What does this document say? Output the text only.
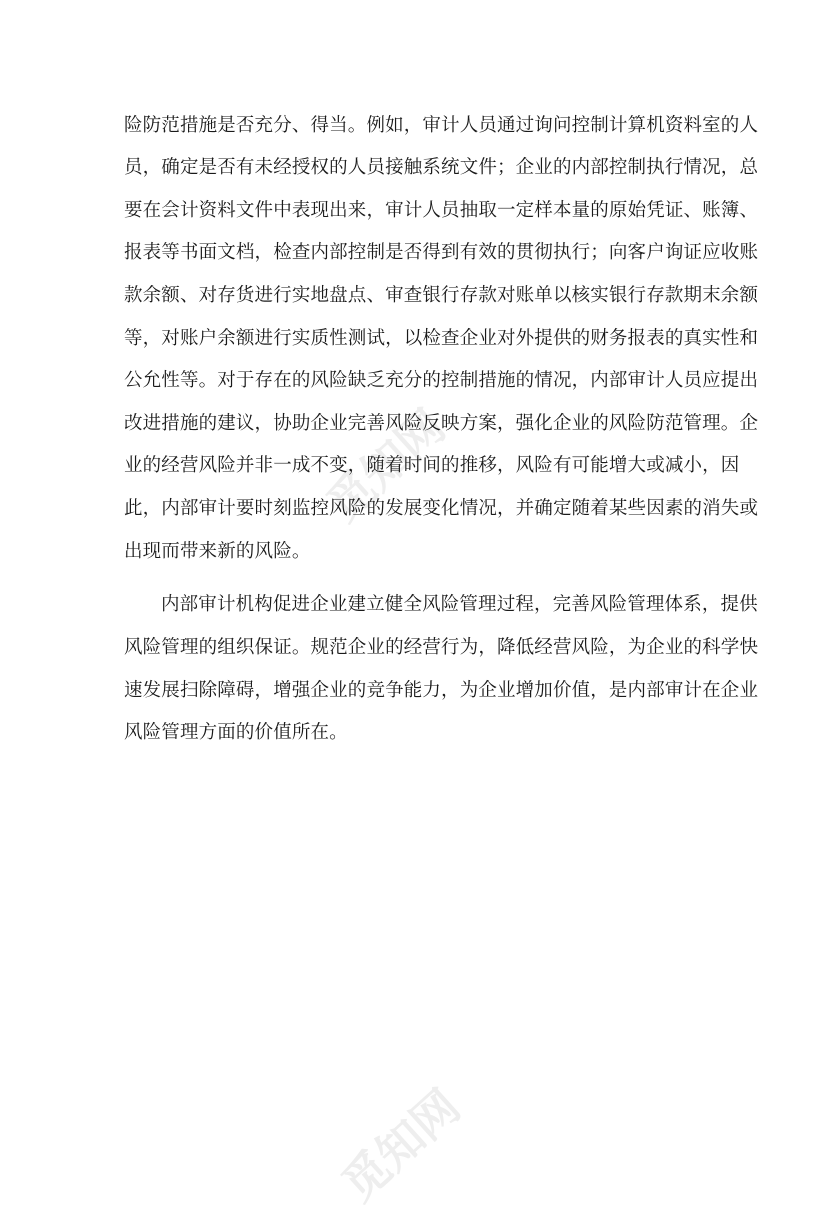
觅知网
觅知网
险防范措施是否充分、得当。例如，审计人员通过询问控制计算机资料室的人
员，确定是否有未经授权的人员接触系统文件；企业的内部控制执行情况，总
要在会计资料文件中表现出来，审计人员抽取一定样本量的原始凭证、账簿、
报表等书面文档，检查内部控制是否得到有效的贯彻执行；向客户询证应收账
款余额、对存货进行实地盘点、审查银行存款对账单以核实银行存款期末余额
等，对账户余额进行实质性测试，以检查企业对外提供的财务报表的真实性和
公允性等。对于存在的风险缺乏充分的控制措施的情况，内部审计人员应提出
改进措施的建议，协助企业完善风险反映方案，强化企业的风险防范管理。企
业的经营风险并非一成不变，随着时间的推移，风险有可能增大或减小，因
此，内部审计要时刻监控风险的发展变化情况，并确定随着某些因素的消失或
出现而带来新的风险。
内部审计机构促进企业建立健全风险管理过程，完善风险管理体系，提供
风险管理的组织保证。规范企业的经营行为，降低经营风险，为企业的科学快
速发展扫除障碍，增强企业的竞争能力，为企业增加价值，是内部审计在企业
风险管理方面的价值所在。
